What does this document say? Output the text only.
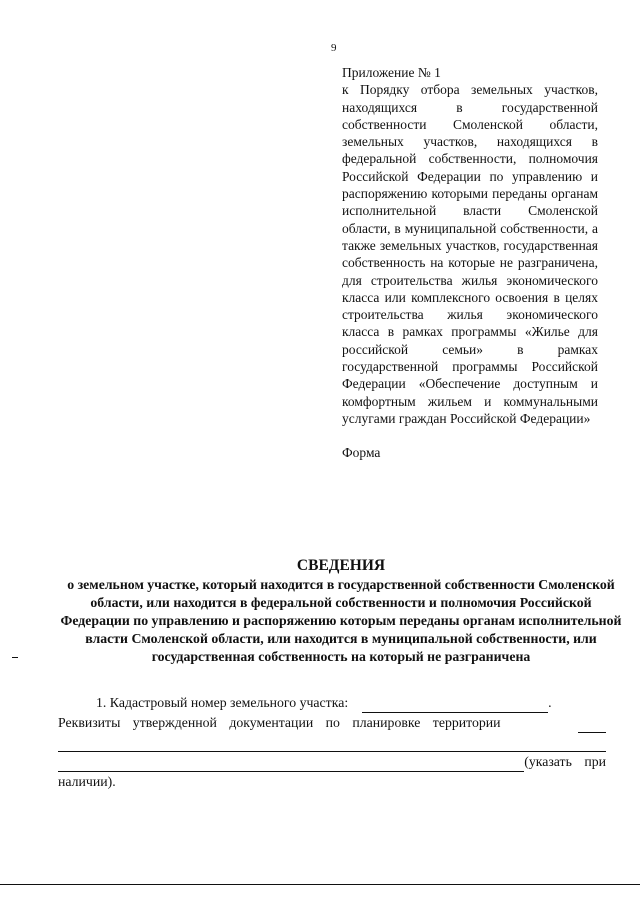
9
Приложение № 1
к Порядку отбора земельных участков, находящихся в государственной собственности Смоленской области, земельных участков, находящихся в федеральной собственности, полномочия Российской Федерации по управлению и распоряжению которыми переданы органам исполнительной власти Смоленской области, в муниципальной собственности, а также земельных участков, государственная собственность на которые не разграничена, для строительства жилья экономического класса или комплексного освоения в целях строительства жилья экономического класса в рамках программы «Жилье для российской семьи» в рамках государственной программы Российской Федерации «Обеспечение доступным и комфортным жильем и коммунальными услугами граждан Российской Федерации»
Форма
СВЕДЕНИЯ
о земельном участке, который находится в государственной собственности Смоленской области, или находится в федеральной собственности и полномочия Российской Федерации по управлению и распоряжению которым переданы органам исполнительной власти Смоленской области, или находится в муниципальной собственности, или государственная собственность на который не разграничена
1. Кадастровый номер земельного участка:	.
Реквизиты утвержденной документации по планировке территории
(указать при
наличии).
